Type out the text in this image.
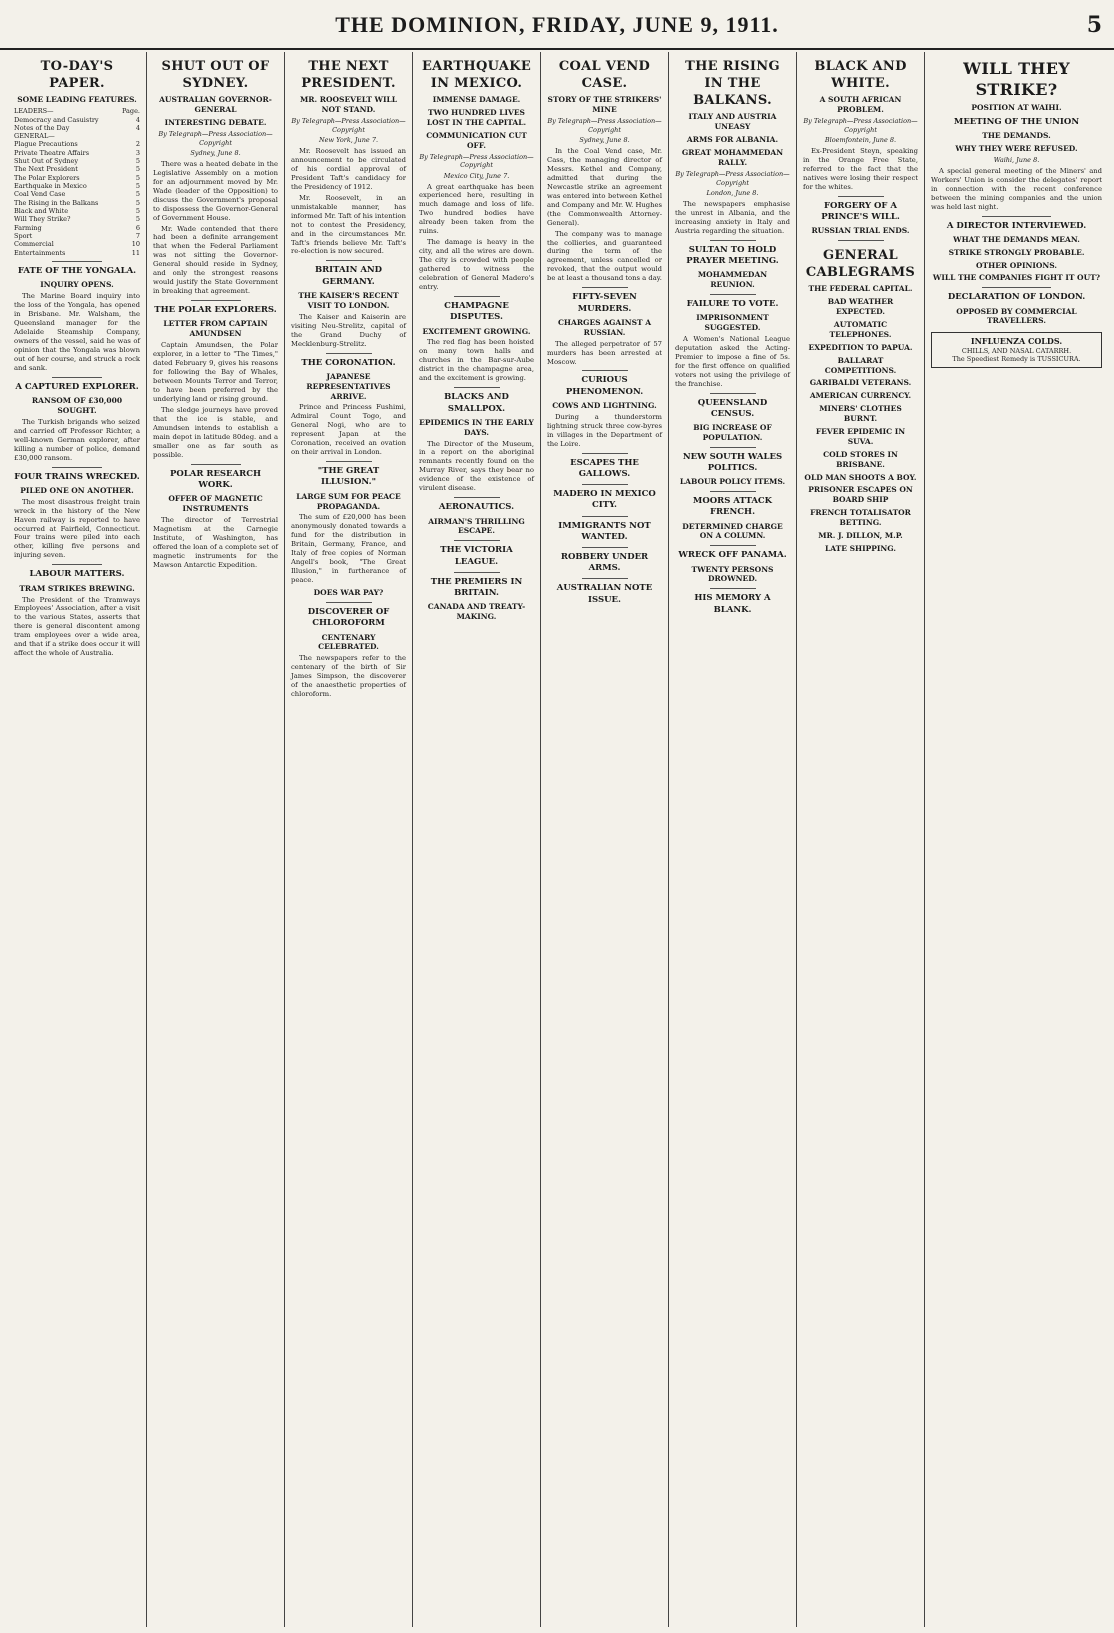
THE DOMINION, FRIDAY, JUNE 9, 1911.	5
TO-DAY'S PAPER.
SOME LEADING FEATURES.
LEADERS—	Page.
Democracy and Casuistry	4
Notes of the Day	4
GENERAL—
Plague Precautions	2
Private Theatre Affairs	3
Shut Out of Sydney	5
The Next President	5
The Polar Explorers	5
Earthquake in Mexico	5
Coal Vend Case	5
The Rising in the Balkans	5
Black and White	5
Will They Strike?	5
Farming	6
Sport	7
Commercial	10
Entertainments	11
FATE OF THE YONGALA.
INQUIRY OPENS.

The Marine Board inquiry into the loss of the Yongala, has opened in Brisbane. Mr. Walsham, the Queensland manager for the Adelaide Steamship Company, owners of the vessel, said he was of opinion that the Yongala was blown out of her course, and struck a rock and sank.

A CAPTURED EXPLORER.
RANSOM OF £30,000 SOUGHT.

The Turkish brigands who seized and carried off Professor Richter, a well-known German explorer, after killing a number of police, demand £30,000 ransom.

FOUR TRAINS WRECKED.
PILED ONE ON ANOTHER.

The most disastrous freight train wreck in the history of the New Haven railway is reported to have occurred at Fairfield, Connecticut. Four trains were piled into each other, killing five persons and injuring seven.

LABOUR MATTERS.
TRAM STRIKES BREWING.

The President of the Tramways Employees' Association, after a visit to the various States, asserts that there is general discontent among tram employees over a wide area, and that if a strike does occur it will affect the whole of Australia.

SHUT OUT OF SYDNEY.
AUSTRALIAN GOVERNOR-GENERAL
INTERESTING DEBATE.
By Telegraph—Press Association—Copyright
Sydney, June 8.

There was a heated debate in the Legislative Assembly on a motion for an adjournment moved by Mr. Wade (leader of the Opposition) to discuss the Government's proposal to dispossess the Governor-General of Government House.

Mr. Wade contended that there had been a definite arrangement that when the Federal Parliament was not sitting the Governor-General should reside in Sydney, and only the strongest reasons would justify the State Government in breaking that agreement.

THE POLAR EXPLORERS.
LETTER FROM CAPTAIN AMUNDSEN

Captain Amundsen, the Polar explorer, in a letter to "The Times," dated February 9, gives his reasons for following the Bay of Whales, between Mounts Terror and Terror, to have been preferred by the underlying land or rising ground.

The sledge journeys have proved that the ice is stable, and Amundsen intends to establish a main depot in latitude 80deg. and a smaller one as far south as possible.

POLAR RESEARCH WORK.
OFFER OF MAGNETIC INSTRUMENTS

The director of Terrestrial Magnetism at the Carnegie Institute, of Washington, has offered the loan of a complete set of magnetic instruments for the Mawson Antarctic Expedition.

THE NEXT PRESIDENT.
MR. ROOSEVELT WILL NOT STAND.
By Telegraph—Press Association—Copyright
New York, June 7.

Mr. Roosevelt has issued an announcement to be circulated of his cordial approval of President Taft's candidacy for the Presidency of 1912.

Mr. Roosevelt, in an unmistakable manner, has informed Mr. Taft of his intention not to contest the Presidency, and in the circumstances Mr. Taft's friends believe Mr. Taft's re-election is now secured.

BRITAIN AND GERMANY.
THE KAISER'S RECENT VISIT TO LONDON.

The Kaiser and Kaiserin are visiting Neu-Strelitz, capital of the Grand Duchy of Mecklenburg-Strelitz.

THE CORONATION.
JAPANESE REPRESENTATIVES ARRIVE.

Prince and Princess Fushimi, Admiral Count Togo, and General Nogi, who are to represent Japan at the Coronation, received an ovation on their arrival in London.

"THE GREAT ILLUSION."
LARGE SUM FOR PEACE PROPAGANDA.

The sum of £20,000 has been anonymously donated towards a fund for the distribution in Britain, Germany, France, and Italy of free copies of Norman Angell's book, "The Great Illusion," in furtherance of peace.

DOES WAR PAY?
DISCOVERER OF CHLOROFORM
CENTENARY CELEBRATED.

The newspapers refer to the centenary of the birth of Sir James Simpson, the discoverer of the anaesthetic properties of chloroform.

EARTHQUAKE IN MEXICO.
IMMENSE DAMAGE.
TWO HUNDRED LIVES LOST IN THE CAPITAL.
COMMUNICATION CUT OFF.
By Telegraph—Press Association—Copyright
Mexico City, June 7.

A great earthquake has been experienced here, resulting in much damage and loss of life. Two hundred bodies have already been taken from the ruins.

The damage is heavy in the city, and all the wires are down. The city is crowded with people gathered to witness the celebration of General Madero's entry.

CHAMPAGNE DISPUTES.
EXCITEMENT GROWING.

The red flag has been hoisted on many town halls and churches in the Bar-sur-Aube district in the champagne area, and the excitement is growing.

BLACKS AND SMALLPOX.
EPIDEMICS IN THE EARLY DAYS.

The Director of the Museum, in a report on the aboriginal remnants recently found on the Murray River, says they bear no evidence of the existence of virulent disease.

AERONAUTICS.
AIRMAN'S THRILLING ESCAPE.
THE VICTORIA LEAGUE.
THE PREMIERS IN BRITAIN.
CANADA AND TREATY-MAKING.
COAL VEND CASE.
STORY OF THE STRIKERS' MINE
By Telegraph—Press Association—Copyright
Sydney, June 8.

In the Coal Vend case, Mr. Cass, the managing director of Messrs. Kethel and Company, admitted that during the Newcastle strike an agreement was entered into between Kethel and Company and Mr. W. Hughes (the Commonwealth Attorney-General).

The company was to manage the collieries, and guaranteed during the term of the agreement, unless cancelled or revoked, that the output would be at least a thousand tons a day.

FIFTY-SEVEN MURDERS.
CHARGES AGAINST A RUSSIAN.

The alleged perpetrator of 57 murders has been arrested at Moscow.

CURIOUS PHENOMENON.
COWS AND LIGHTNING.

During a thunderstorm lightning struck three cow-byres in villages in the Department of the Loire.

ESCAPES THE GALLOWS.
MADERO IN MEXICO CITY.
IMMIGRANTS NOT WANTED.
ROBBERY UNDER ARMS.
AUSTRALIAN NOTE ISSUE.
THE RISING IN THE BALKANS.
ITALY AND AUSTRIA UNEASY
ARMS FOR ALBANIA.
GREAT MOHAMMEDAN RALLY.
By Telegraph—Press Association—Copyright
London, June 8.

The newspapers emphasise the unrest in Albania, and the increasing anxiety in Italy and Austria regarding the situation.

SULTAN TO HOLD PRAYER MEETING.
MOHAMMEDAN REUNION.
FAILURE TO VOTE.
IMPRISONMENT SUGGESTED.

A Women's National League deputation asked the Acting-Premier to impose a fine of 5s. for the first offence on qualified voters not using the privilege of the franchise.

QUEENSLAND CENSUS.
BIG INCREASE OF POPULATION.
NEW SOUTH WALES POLITICS.
LABOUR POLICY ITEMS.
MOORS ATTACK FRENCH.
DETERMINED CHARGE ON A COLUMN.
WRECK OFF PANAMA.
TWENTY PERSONS DROWNED.
HIS MEMORY A BLANK.
BLACK AND WHITE.
A SOUTH AFRICAN PROBLEM.
By Telegraph—Press Association—Copyright
Bloemfontein, June 8.

Ex-President Steyn, speaking in the Orange Free State, referred to the fact that the natives were losing their respect for the whites.

FORGERY OF A PRINCE'S WILL.
RUSSIAN TRIAL ENDS.
GENERAL CABLEGRAMS
THE FEDERAL CAPITAL.
BAD WEATHER EXPECTED.
AUTOMATIC TELEPHONES.
EXPEDITION TO PAPUA.
BALLARAT COMPETITIONS.
GARIBALDI VETERANS.
AMERICAN CURRENCY.
MINERS' CLOTHES BURNT.
FEVER EPIDEMIC IN SUVA.
COLD STORES IN BRISBANE.
OLD MAN SHOOTS A BOY.
PRISONER ESCAPES ON BOARD SHIP
FRENCH TOTALISATOR BETTING.
MR. J. DILLON, M.P.
LATE SHIPPING.
WILL THEY STRIKE?
POSITION AT WAIHI.
MEETING OF THE UNION
THE DEMANDS.
WHY THEY WERE REFUSED.
Waihi, June 8.

A special general meeting of the Miners' and Workers' Union is consider the delegates' report in connection with the recent conference between the mining companies and the union was held last night.

A DIRECTOR INTERVIEWED.
WHAT THE DEMANDS MEAN.
STRIKE STRONGLY PROBABLE.
OTHER OPINIONS.
WILL THE COMPANIES FIGHT IT OUT?
DECLARATION OF LONDON.
OPPOSED BY COMMERCIAL TRAVELLERS.
INFLUENZA COLDS.
CHILLS, AND NASAL CATARRH.
The Speediest Remedy is TUSSICURA.
